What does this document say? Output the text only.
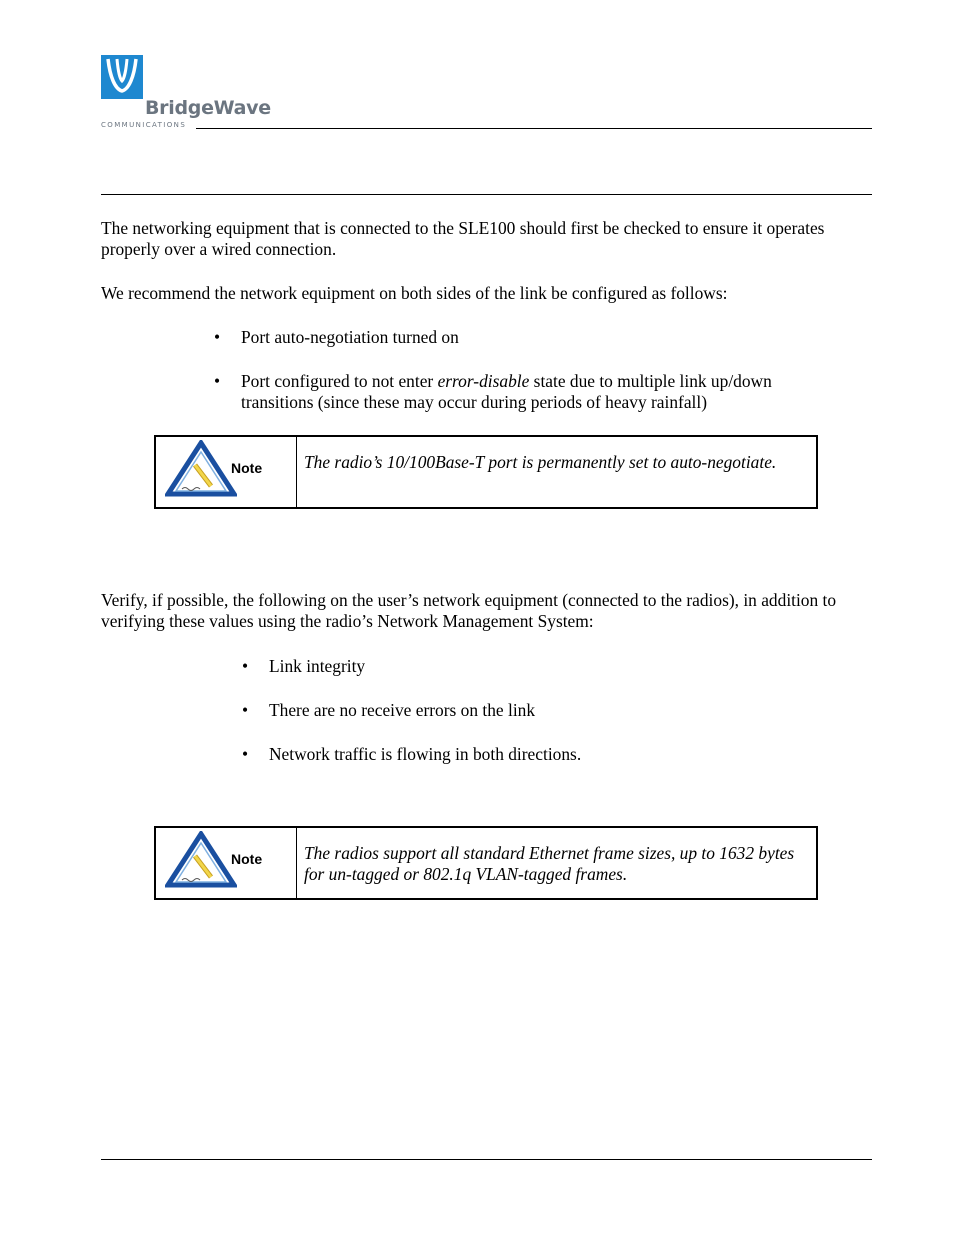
BridgeWave
COMMUNICATIONS

The networking equipment that is connected to the SLE100 should first be checked to ensure it operates properly over a wired connection.

We recommend the network equipment on both sides of the link be configured as follows:

• Port auto-negotiation turned on
• Port configured to not enter error-disable state due to multiple link up/down transitions (since these may occur during periods of heavy rainfall)
Note The radio’s 10/100Base-T port is permanently set to auto-negotiate.

Verify, if possible, the following on the user’s network equipment (connected to the radios), in addition to verifying these values using the radio’s Network Management System:

• Link integrity
• There are no receive errors on the link
• Network traffic is flowing in both directions.
Note The radios support all standard Ethernet frame sizes, up to 1632 bytes for un-tagged or 802.1q VLAN-tagged frames.
